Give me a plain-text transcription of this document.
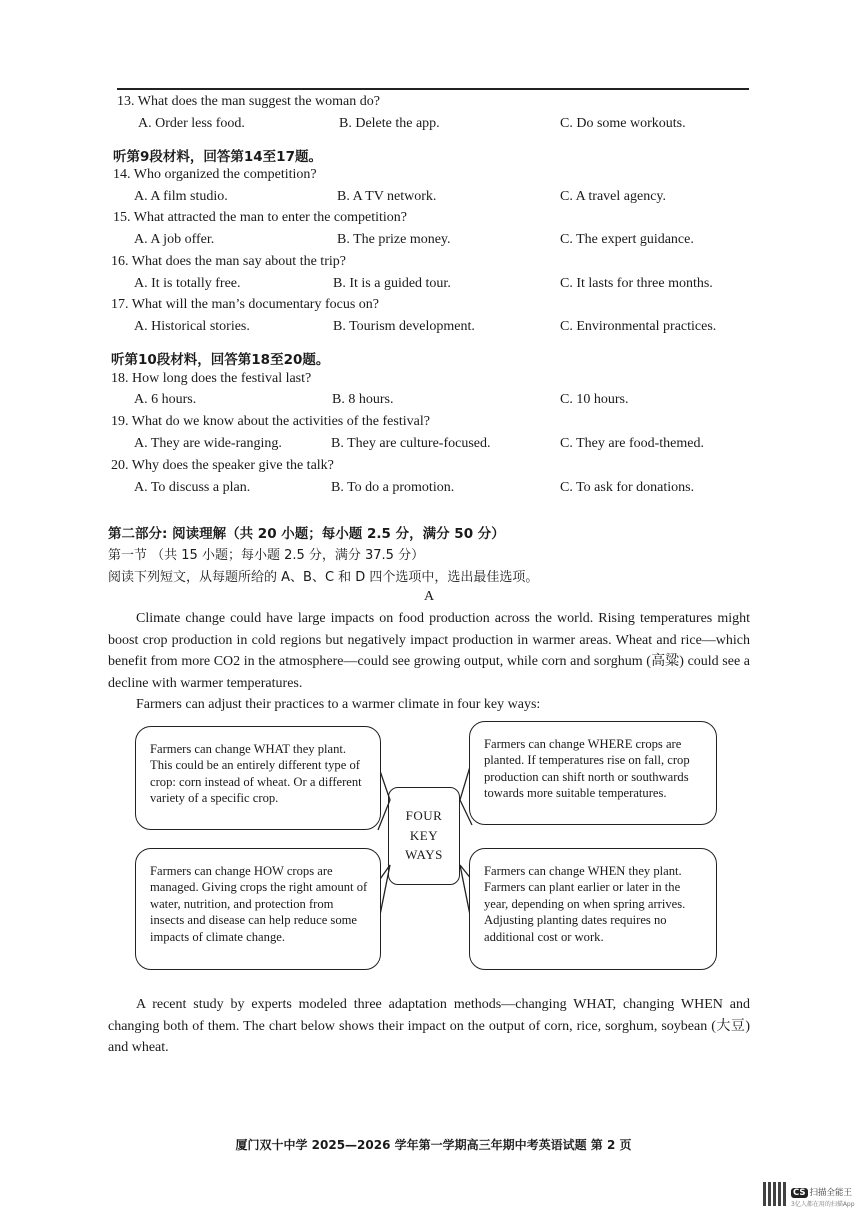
13. What does the man suggest the woman do?
A. Order less food.	B. Delete the app.	C. Do some workouts.
听第9段材料，回答第14至17题。
14. Who organized the competition?
A. A film studio.	B. A TV network.	C. A travel agency.
15. What attracted the man to enter the competition?
A. A job offer.	B. The prize money.	C. The expert guidance.
16. What does the man say about the trip?
A. It is totally free.	B. It is a guided tour.	C. It lasts for three months.
17. What will the man’s documentary focus on?
A. Historical stories.	B. Tourism development.	C. Environmental practices.
听第10段材料，回答第18至20题。
18. How long does the festival last?
A. 6 hours.	B. 8 hours.	C. 10 hours.
19. What do we know about the activities of the festival?
A. They are wide-ranging.	B. They are culture-focused.	C. They are food-themed.
20. Why does the speaker give the talk?
A. To discuss a plan.	B. To do a promotion.	C. To ask for donations.
第二部分: 阅读理解（共 20 小题；每小题 2.5 分，满分 50 分）
第一节 （共 15 小题；每小题 2.5 分，满分 37.5 分）
阅读下列短文，从每题所给的 A、B、C 和 D 四个选项中，选出最佳选项。
A
Climate change could have large impacts on food production across the world. Rising temperatures might boost crop production in cold regions but negatively impact production in warmer areas. Wheat and rice—which benefit from more CO2 in the atmosphere—could see growing output, while corn and sorghum (高粱) could see a decline with warmer temperatures.
Farmers can adjust their practices to a warmer climate in four key ways:
Farmers can change WHAT they plant. This could be an entirely different type of crop: corn instead of wheat. Or a different variety of a specific crop.
Farmers can change WHERE crops are planted. If temperatures rise on fall, crop production can shift north or southwards towards more suitable temperatures.
Farmers can change HOW crops are managed. Giving crops the right amount of water, nutrition, and protection from insects and disease can help reduce some impacts of climate change.
Farmers can change WHEN they plant. Farmers can plant earlier or later in the year, depending on when spring arrives. Adjusting planting dates requires no additional cost or work.
FOUR
KEY
WAYS
A recent study by experts modeled three adaptation methods—changing WHAT, changing WHEN and changing both of them. The chart below shows their impact on the output of corn, rice, sorghum, soybean (大豆) and wheat.
厦门双十中学 2025—2026 学年第一学期高三年期中考英语试题 第 2 页
CS 扫描全能王
3亿人都在用的扫描App
